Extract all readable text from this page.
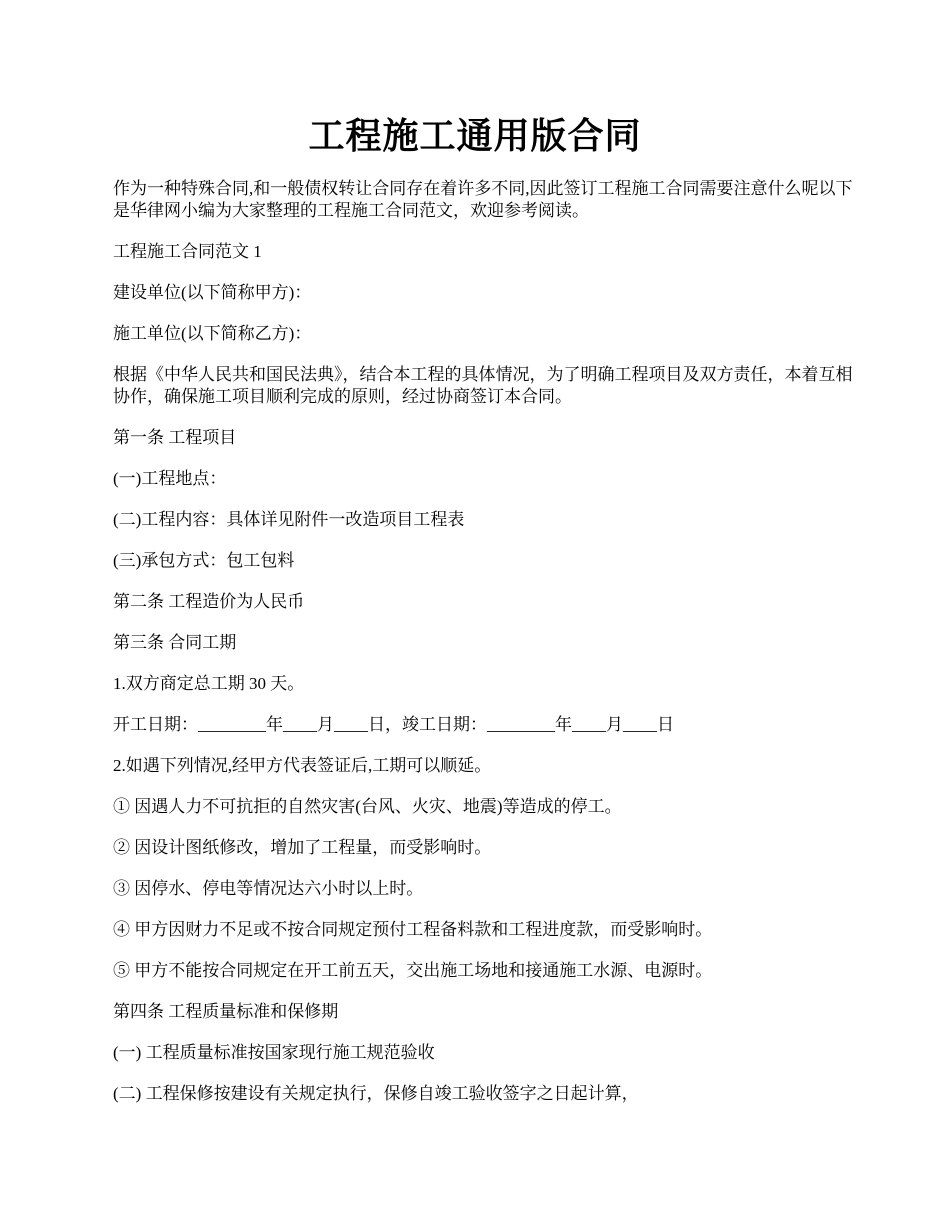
工程施工通用版合同

作为一种特殊合同,和一般债权转让合同存在着许多不同,因此签订工程施工合同需要注意什么呢以下是华律网小编为大家整理的工程施工合同范文，欢迎参考阅读。

工程施工合同范文 1

建设单位(以下简称甲方)：

施工单位(以下简称乙方)：

根据《中华人民共和国民法典》，结合本工程的具体情况，为了明确工程项目及双方责任，本着互相协作，确保施工项目顺利完成的原则，经过协商签订本合同。

第一条 工程项目

(一)工程地点：

(二)工程内容：具体详见附件一改造项目工程表

(三)承包方式：包工包料

第二条 工程造价为人民币

第三条 合同工期

1.双方商定总工期 30 天。

开工日期：________年____月____日，竣工日期：________年____月____日

2.如遇下列情况,经甲方代表签证后,工期可以顺延。

① 因遇人力不可抗拒的自然灾害(台风、火灾、地震)等造成的停工。

② 因设计图纸修改，增加了工程量，而受影响时。

③ 因停水、停电等情况达六小时以上时。

④ 甲方因财力不足或不按合同规定预付工程备料款和工程进度款，而受影响时。

⑤ 甲方不能按合同规定在开工前五天，交出施工场地和接通施工水源、电源时。

第四条 工程质量标准和保修期

(一) 工程质量标准按国家现行施工规范验收

(二) 工程保修按建设有关规定执行，保修自竣工验收签字之日起计算，
